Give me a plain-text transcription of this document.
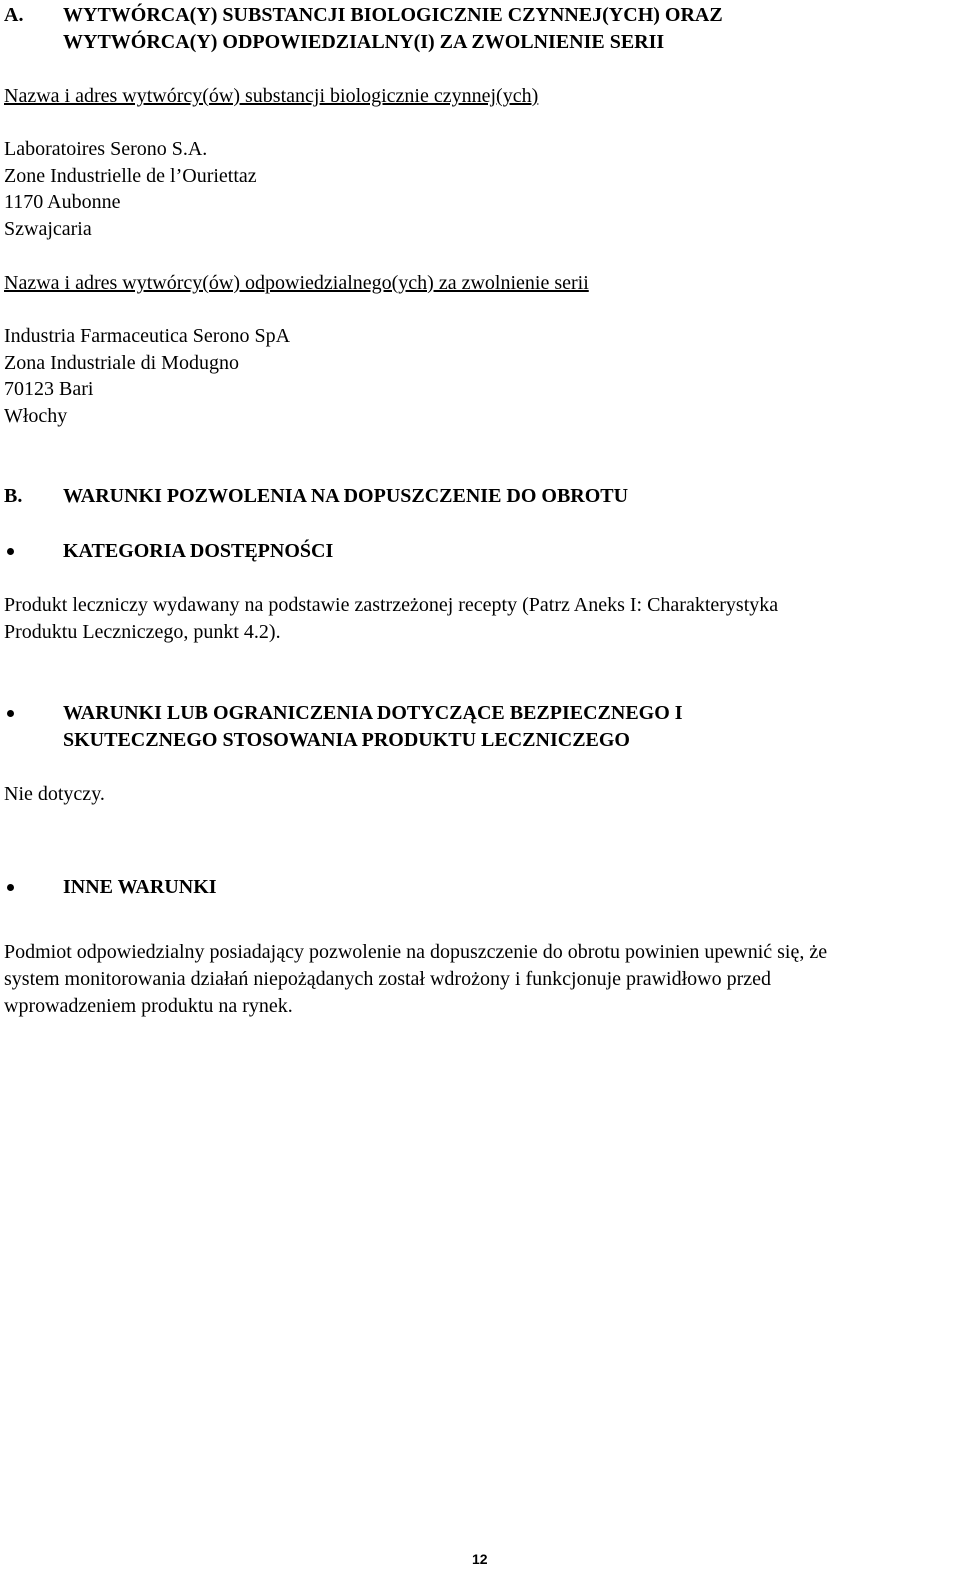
A. WYTWÓRCA(Y) SUBSTANCJI BIOLOGICZNIE CZYNNEJ(YCH) ORAZ
WYTWÓRCA(Y) ODPOWIEDZIALNY(I) ZA ZWOLNIENIE SERII
Nazwa i adres wytwórcy(ów) substancji biologicznie czynnej(ych)
Laboratoires Serono S.A.
Zone Industrielle de l’Ouriettaz
1170 Aubonne
Szwajcaria
Nazwa i adres wytwórcy(ów) odpowiedzialnego(ych) za zwolnienie serii
Industria Farmaceutica Serono SpA
Zona Industriale di Modugno
70123 Bari
Włochy
B. WARUNKI POZWOLENIA NA DOPUSZCZENIE DO OBROTU
KATEGORIA DOSTĘPNOŚCI
Produkt leczniczy wydawany na podstawie zastrzeżonej recepty (Patrz Aneks I: Charakterystyka
Produktu Leczniczego, punkt 4.2).
WARUNKI LUB OGRANICZENIA DOTYCZĄCE BEZPIECZNEGO I
SKUTECZNEGO STOSOWANIA PRODUKTU LECZNICZEGO
Nie dotyczy.
INNE WARUNKI
Podmiot odpowiedzialny posiadający pozwolenie na dopuszczenie do obrotu powinien upewnić się, że
system monitorowania działań niepożądanych został wdrożony i funkcjonuje prawidłowo przed
wprowadzeniem produktu na rynek.
12
